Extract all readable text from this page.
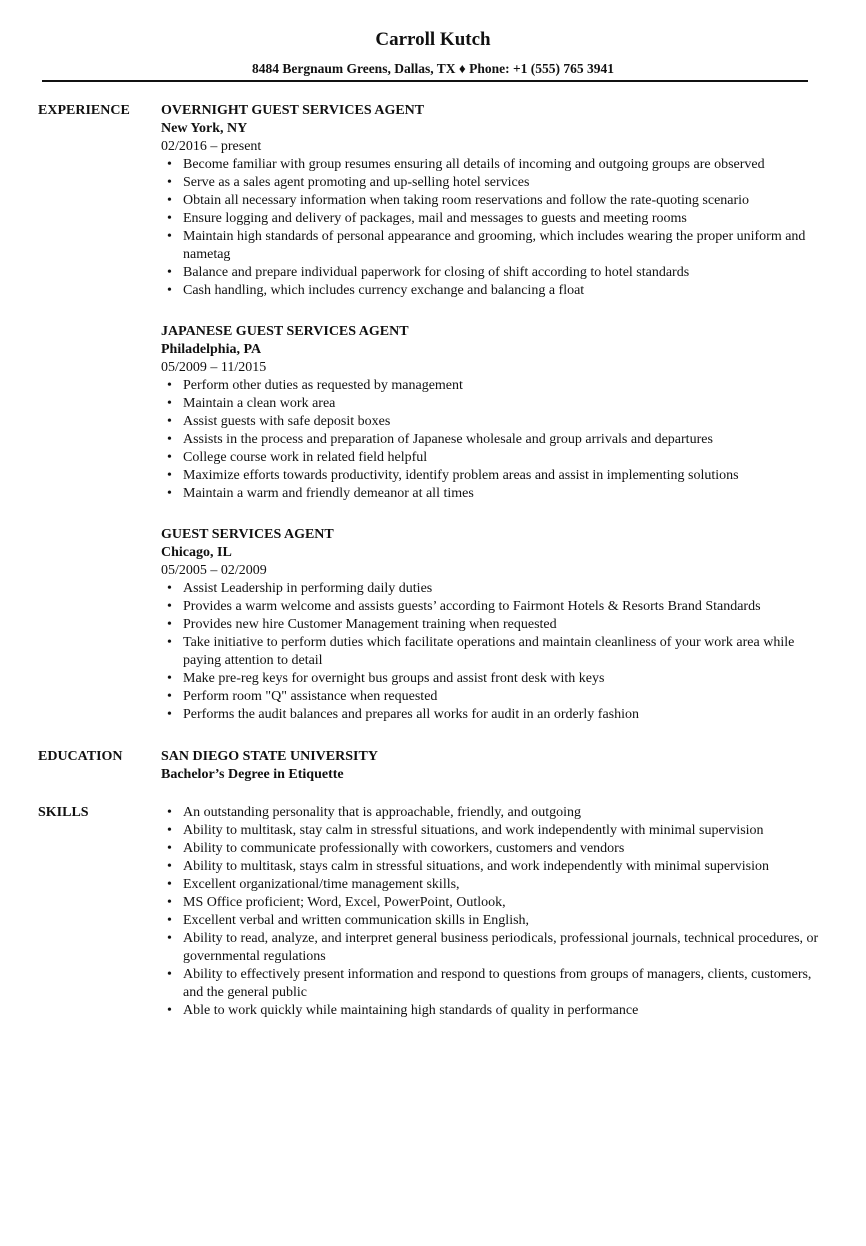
Carroll Kutch
8484 Bergnaum Greens, Dallas, TX ♦ Phone: +1 (555) 765 3941
EXPERIENCE OVERNIGHT GUEST SERVICES AGENT
New York, NY
02/2016 – present
• Become familiar with group resumes ensuring all details of incoming and outgoing groups are observed
• Serve as a sales agent promoting and up-selling hotel services
• Obtain all necessary information when taking room reservations and follow the rate-quoting scenario
• Ensure logging and delivery of packages, mail and messages to guests and meeting rooms
• Maintain high standards of personal appearance and grooming, which includes wearing the proper uniform and nametag
• Balance and prepare individual paperwork for closing of shift according to hotel standards
• Cash handling, which includes currency exchange and balancing a float
JAPANESE GUEST SERVICES AGENT
Philadelphia, PA
05/2009 – 11/2015
• Perform other duties as requested by management
• Maintain a clean work area
• Assist guests with safe deposit boxes
• Assists in the process and preparation of Japanese wholesale and group arrivals and departures
• College course work in related field helpful
• Maximize efforts towards productivity, identify problem areas and assist in implementing solutions
• Maintain a warm and friendly demeanor at all times
GUEST SERVICES AGENT
Chicago, IL
05/2005 – 02/2009
• Assist Leadership in performing daily duties
• Provides a warm welcome and assists guests’ according to Fairmont Hotels & Resorts Brand Standards
• Provides new hire Customer Management training when requested
• Take initiative to perform duties which facilitate operations and maintain cleanliness of your work area while paying attention to detail
• Make pre-reg keys for overnight bus groups and assist front desk with keys
• Perform room "Q" assistance when requested
• Performs the audit balances and prepares all works for audit in an orderly fashion
EDUCATION	SAN DIEGO STATE UNIVERSITY
Bachelor’s Degree in Etiquette
SKILLS
•	An outstanding personality that is approachable, friendly, and outgoing
• Ability to multitask, stay calm in stressful situations, and work independently with minimal supervision
• Ability to communicate professionally with coworkers, customers and vendors
• Ability to multitask, stays calm in stressful situations, and work independently with minimal supervision
• Excellent organizational/time management skills,
• MS Office proficient; Word, Excel, PowerPoint, Outlook,
• Excellent verbal and written communication skills in English,
• Ability to read, analyze, and interpret general business periodicals, professional journals, technical procedures, or governmental regulations
• Ability to effectively present information and respond to questions from groups of managers, clients, customers, and the general public
• Able to work quickly while maintaining high standards of quality in performance
